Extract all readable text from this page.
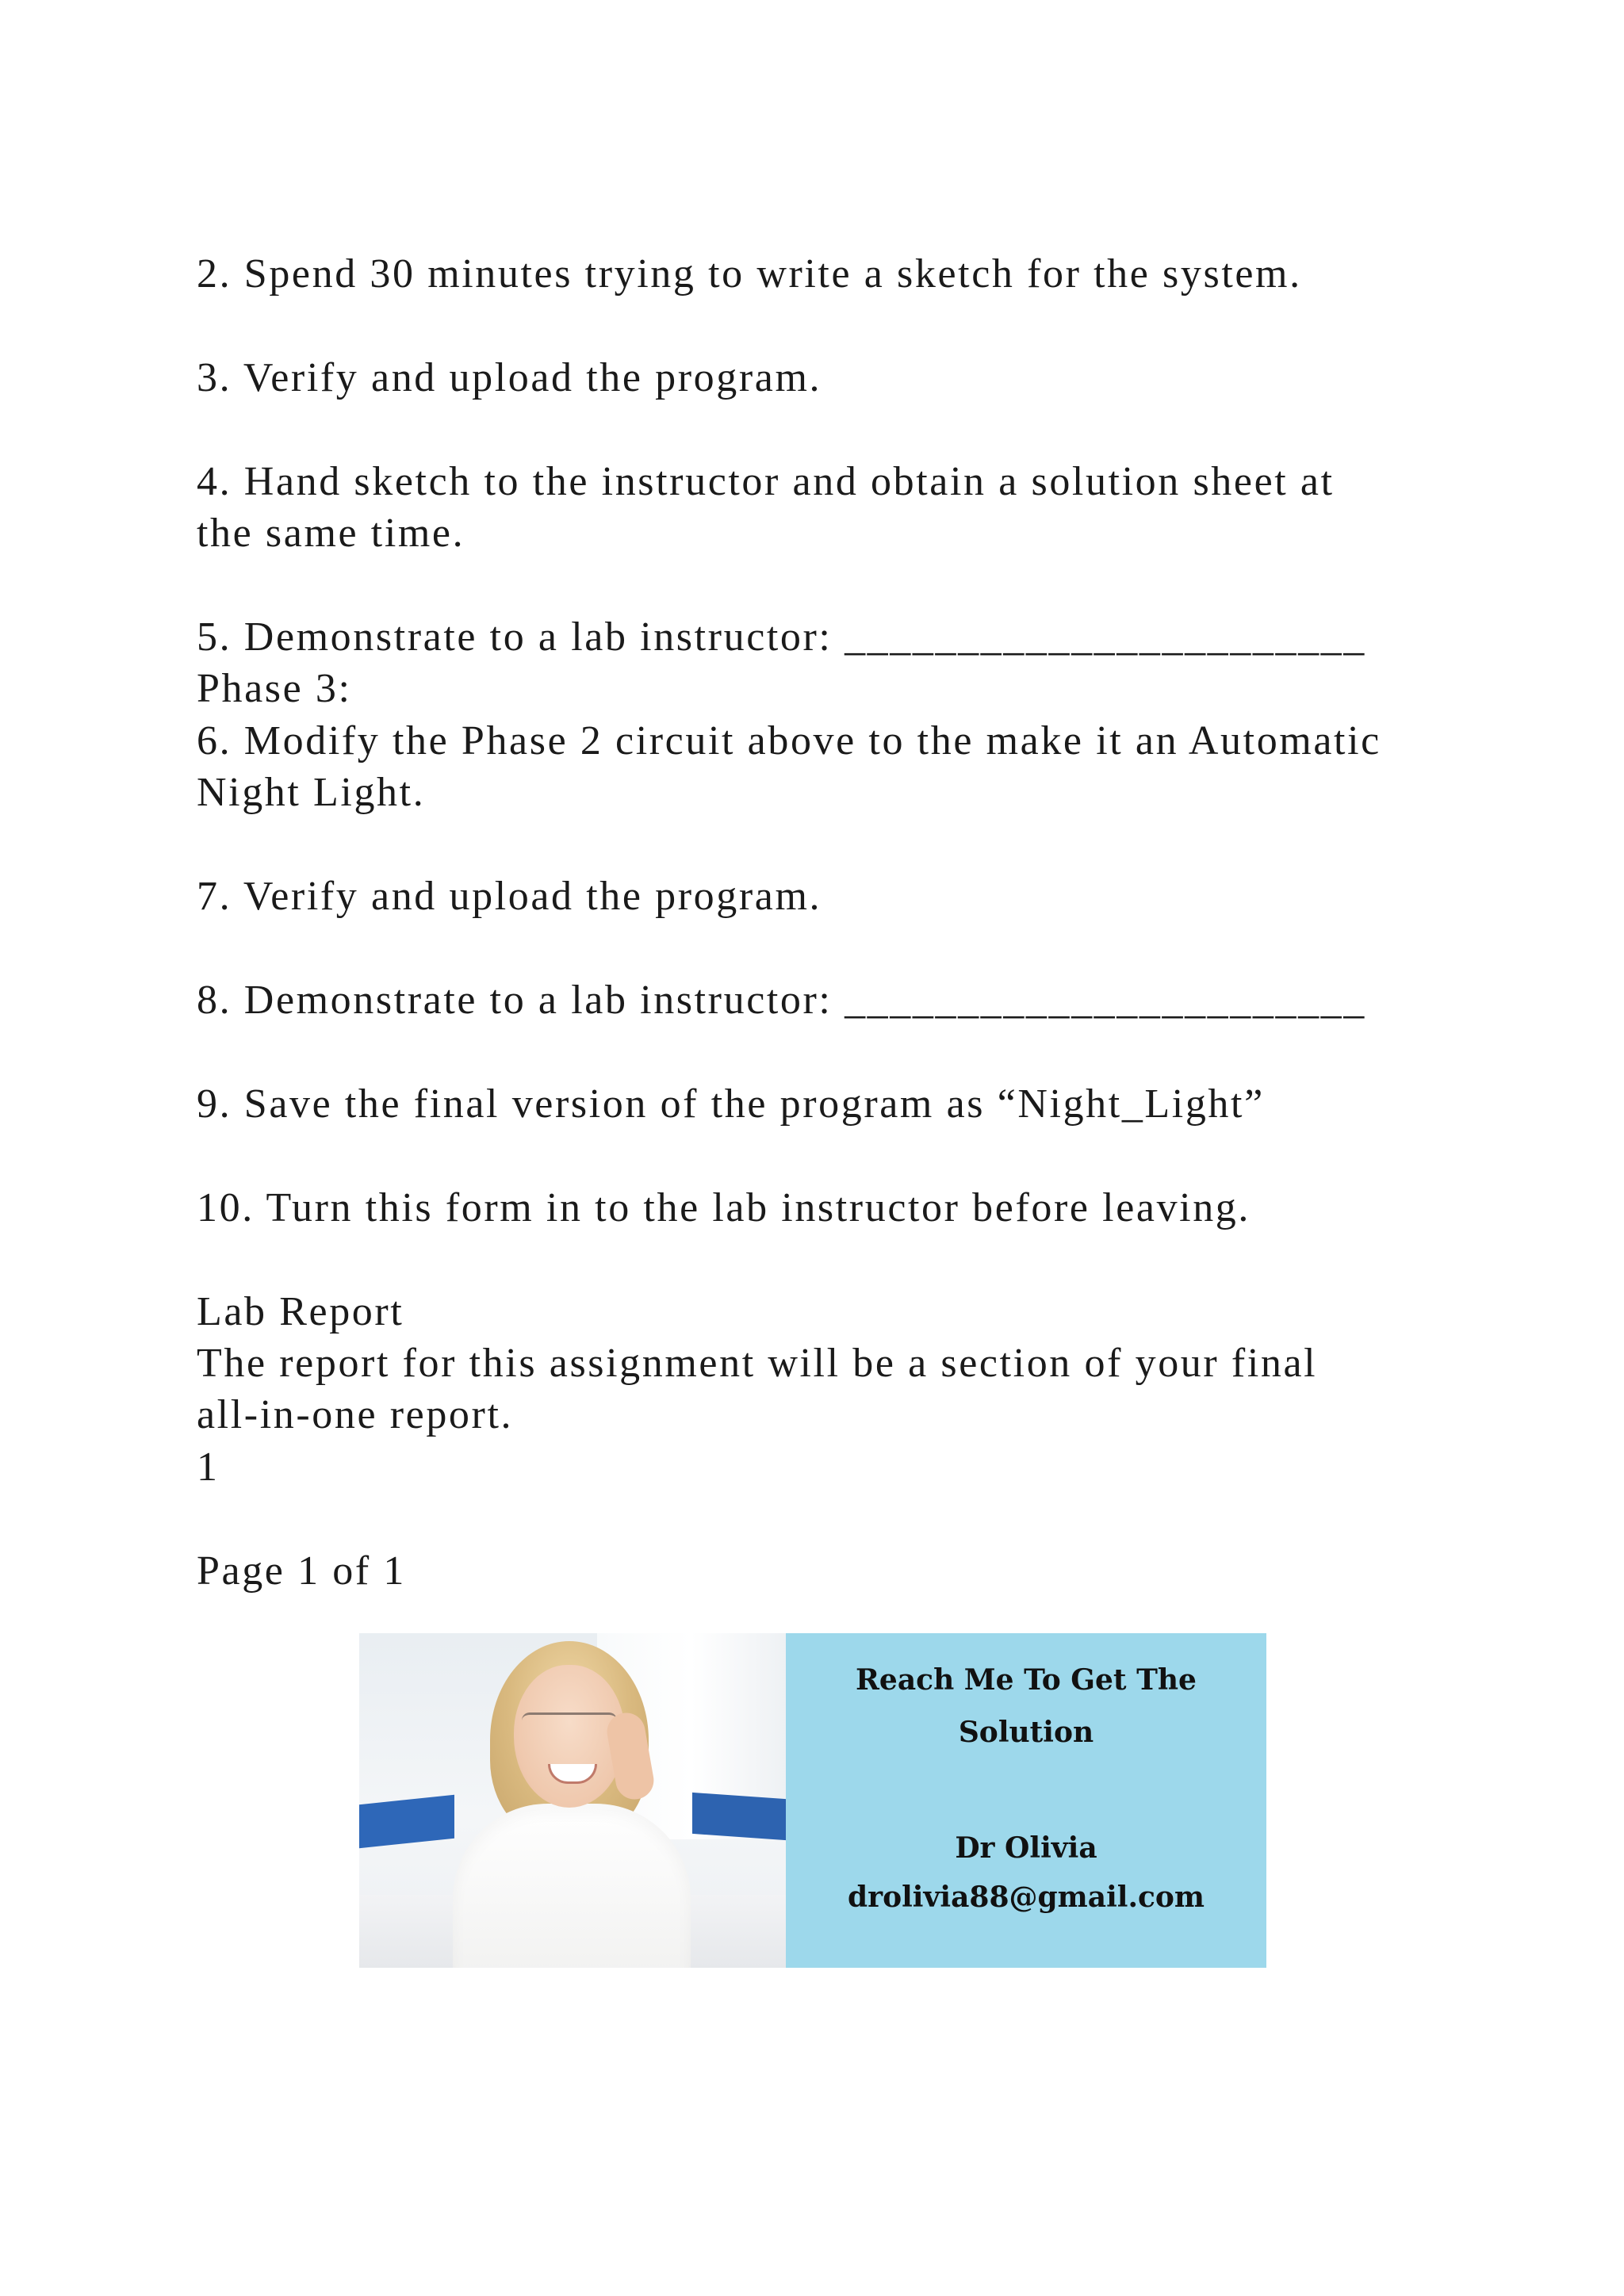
2. Spend 30 minutes trying to write a sketch for the system.
3. Verify and upload the program.
4. Hand sketch to the instructor and obtain a solution sheet at
the same time.
5. Demonstrate to a lab instructor: _______________________
Phase 3:
6. Modify the Phase 2 circuit above to the make it an Automatic
Night Light.
7. Verify and upload the program.
8. Demonstrate to a lab instructor: _______________________
9. Save the final version of the program as “Night_Light”
10. Turn this form in to the lab instructor before leaving.
Lab Report
The report for this assignment will be a section of your final
all-in-one report.
1
Page 1 of 1
Reach Me To Get The
Solution
Dr Olivia
drolivia88@gmail.com
